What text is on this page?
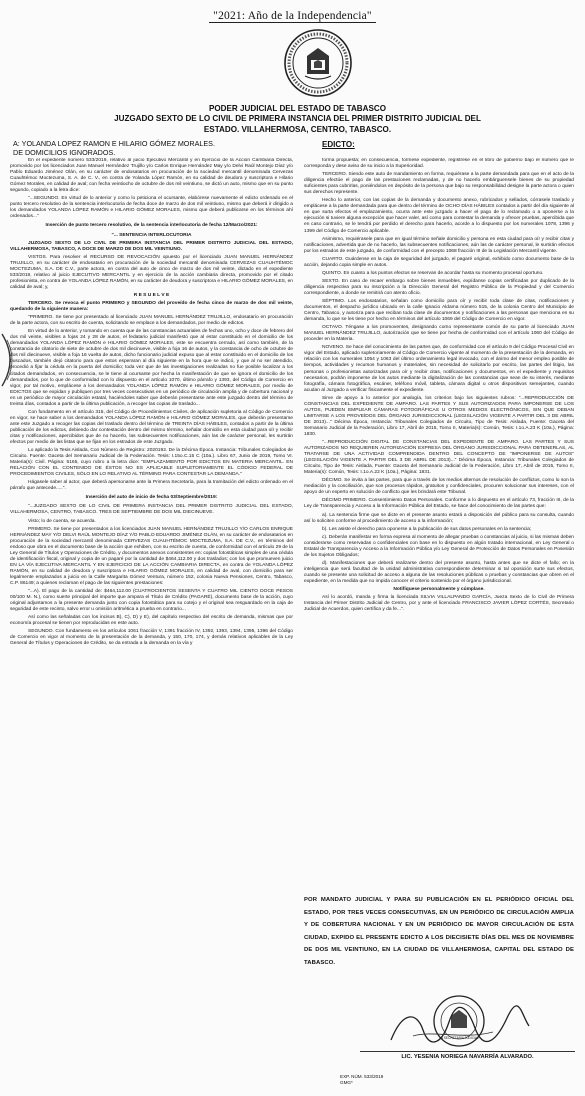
"2021: Año de la Independencia"
PODER JUDICIAL DEL ESTADO DE TABASCO
JUZGADO SEXTO DE LO CIVIL DE PRIMERA INSTANCIA DEL PRIMER DISTRITO JUDICIAL DEL ESTADO. VILLAHERMOSA, CENTRO, TABASCO.
A: YOLANDA LOPEZ RAMON E HILARIO GÓMEZ MORALES.
DE DOMICILIOS IGNORADOS.
EDICTO:

En el expediente número 533/2019, relativo al juicio Ejecutivo Mercantil y en Ejercicio de la Acción Cambiaria Directa, promovido por los licenciados Juan Manuel Hernández Trujillo y/o Carlos Enrique Hernández May y/o Delvi Raúl Montejo Díaz y/o Pablo Eduardo Jiménez Olán, en su carácter de endosatarios en procuración de la sociedad mercantil denominada Cervezas Cuauhtémoc Moctezuma, S. A. de C. V., en contra de Yolanda López Ramón, en su calidad de deudora y suscriptora e Hilario Gómez Morales, en calidad de aval; con fecha veintiocho de octubre de dos mil veintiuno, se dictó un auto, mismo que en su punto segundo, copiado a la letra dice:

"...SEGUNDO. En virtud de lo anterior y como lo peticiona el ocursante, elabórese nuevamente el edicto ordenado en el punto tercero resolutivo de la sentencia interlocutoria de fecha doce de marzo de dos mil veintiuno, mismo que deberá ir dirigido a los demandados YOLANDA LÓPEZ RAMÓN e HILARIO GÓMEZ MORALES, mismo que deberá publicarse en los términos ahí ordenados..."

Inserción de punto tercero resolutivo, de la sentencia interlocutoria de fecha 12/Marzo/2021:

"... SENTENCIA INTERLOCUTORIA

JUZGADO SEXTO DE LO CIVIL DE PRIMERA INSTANCIA DEL PRIMER DISTRITO JUDICIAL DEL ESTADO, VILLAHERMOSA, TABASCO, A DOCE DE MARZO DE DOS MIL VEINTIUNO.

VISTOS. Para resolver el RECURSO DE REVOCACIÓN opuesto por el licenciado JUAN MANUEL HERNÁNDEZ TRUJILLO, en su carácter de endosatario en procuración de la sociedad mercantil denominada CERVEZAS CUAUHTÉMOC MOCTEZUMA, S.A. DE C.V., parte actora, en contra del auto de cinco de marzo de dos mil veinte, dictado en el expediente 533/2019, relativo al juicio EJECUTIVO MERCANTIL y en ejercicio de la acción cambiaria directa, promovido por el citado profesionista, en contra de YOLANDA LÓPEZ RAMÓN, en su carácter de deudora y suscriptora e HILARIO GÓMEZ MORALES, en calidad de aval; y,

R E S U E L V E

TERCERO. Se revoca el punto PRIMERO y SEGUNDO del proveído de fecha cinco de marzo de dos mil veinte, quedando de la siguiente manera:

"PRIMERO. Se tiene por presentado al licenciado JUAN MANUEL HERNÁNDEZ TRUJILLO, endosatario en procuración de la parte actora, con su escrito de cuenta, solicitando se emplace a los demandados, por medio de edictos.

En virtud de lo anterior, y tomando en cuenta que de las constancias actuariales de fechas uno, ocho y doce de febrero del dos mil veinte, visibles a fojas 24 y 28 de autos, el fedatario judicial manifestó que al estar constituido en el domicilio de los demandados YOLANDA LÓPEZ RAMÓN e HILARIO GÓMEZ MORALES, este se encuentra cerrado, así como también, de la constancia de citatorio de siete de octubre de dos mil diecinueve, visible a foja 16 de autos, y la constancia de ocho de octubre de dos mil diecinueve, visible a foja 16 vuelta de autos, dicho funcionario judicial expuso que al estar constituido en el domicilio de los buscados, también dejó citatorio para que estos esperaran al día siguiente en la hora que se indicó, y que al no ser atendido, procedió a fijar la cédula en la puerta del domicilio; toda vez que de las investigaciones realizadas no fue posible localizar a los citados demandados, en consecuencia, se le tiene al ocursante por hecha la manifestación de que se ignora el domicilio de los demandados, por lo que de conformidad con lo dispuesto en el artículo 1070, último párrafo y 1393, del Código de Comercio en vigor, por tal motivo, emplácese a los demandados YOLANDA LÓPEZ RAMÓN e HILARIO GÓMEZ MORALES, por medio de EDICTOS que se expidan y publiquen por tres veces consecutivas en un periódico de circulación amplia y de cobertura nacional y en un periódico de mayor circulación estatal, haciéndoles saber que deberán presentarse ante este juzgado dentro del término de treinta días, contados a partir de la última publicación, a recoger las copias de traslado...

Con fundamento en el artículo 315, del Código de Procedimientos Civiles, de aplicación supletoria al Código de Comercio en vigor, se hace saber a los demandados YOLANDA LÓPEZ RAMÓN e HILARIO GÓMEZ MORALES, que deberán presentarse ante este Juzgado a recoger las copias del traslado dentro del término de TREINTA DÍAS HÁBILES, contados a partir de la última publicación de los edictos, debiendo dar contestación dentro del mismo término, señalar domicilio en esta ciudad para oír y recibir citas y notificaciones, apercibidos que de no hacerlo, las subsecuentes notificaciones, aún las de carácter personal, les surtirán efectos por medio de las listas que se fijan en los estrados de este Juzgado.

Lo aplicado la Tesis Aislada, Con Número de Registro: 2020192. De la Décima Época. Instancia: Tribunales Colegiados de Circuito. Fuente: Gaceta del Semanario Judicial de la Federación. Tesis: I.15o.C.15 C (10a.). Libro 67, Junio de 2019, Tomo VI. Materia(s): Civil. Página: 5165, cuyo rubro a la letra dice: "EMPLAZAMIENTO POR EDICTOS EN MATERIA MERCANTIL. EN RELACIÓN CON EL CONTENIDO DE ÉSTOS NO ES APLICABLE SUPLETORIAMENTE EL CÓDIGO FEDERAL DE PROCEDIMIENTOS CIVILES, SÓLO EN LO RELATIVO AL TÉRMINO PARA CONTESTAR LA DEMANDA."

Hágasele saber al actor, que deberá apersonarse ante la Primera Secretaría, para la tramitación del edicto ordenado en el párrafo que antecede.....".

Inserción del auto de inicio de fecha 03/Septiembre/2019:

"...JUZGADO SEXTO DE LO CIVIL DE PRIMERA INSTANCIA DEL PRIMER DISTRITO JUDICIAL DEL ESTADO, VILLAHERMOSA, CENTRO, TABASCO. TRES DE SEPTIEMBRE DE DOS MIL DIECINUEVE.

Visto; lo de cuenta, se acuerda.

PRIMERO. Se tiene por presentados a los licenciados JUAN MANUEL HERNÁNDEZ TRUJILLO Y/O CARLOS ENRIQUE HERNÁNDEZ MAY Y/O DELVI RAÚL MONTEJO DÍAZ Y/O PABLO EDUARDO JIMÉNEZ OLÁN, en su carácter de endosatarios en procuración de la sociedad mercantil denominada CERVEZAS CUAUHTÉMOC MOCTEZUMA, S.A. DE C.V., en términos del endoso que obra en el documento base de la acción que exhiben, con su escrito de cuenta, de conformidad con el artículo 29 de la Ley General de Títulos y Operaciones de Crédito, y documentos anexos consistentes en: copias fotostáticas simples de una cédula de identificación fiscal, original y copia de un pagaré por la cantidad de $464,112.00 y dos traslados; con los que promueven juicio EN LA VÍA EJECUTIVA MERCANTIL Y EN EJERCICIO DE LA ACCIÓN CAMBIARIA DIRECTA, en contra de YOLANDA LÓPEZ RAMÓN, en su calidad de deudora y suscriptora e HILARIO GÓMEZ MORALES, en calidad de aval, con domicilio para ser legalmente emplazados a juicio en la Calle Margarita Gómez Ventura, número 152, colonia Nueva Pensiones, Centro, Tabasco, C.P. 86149; a quienes reclaman el pago de las siguientes prestaciones:

"...A). El pago de la cantidad de: $464,112.00 (CUATROCIENTOS SESENTA Y CUATRO MIL CIENTO DOCE PESOS 00/100 M. N.), como suerte principal del importe que ampara el Título de Crédito (PAGARÉ), documento base de la acción, cuyo original adjuntamos a la presente demanda junto con copia fotostática para su cotejo y el original sea resguardado en la caja de seguridad de este recinto, salvo error u omisión aritmética a prueba en contrario...

Así como las señaladas con los incisos B), C), D) y E), del capítulo respectivo del escrito de demanda, mismas que por economía procesal se tienen por reproducidas en este auto.

SEGUNDO. Con fundamento en los artículos 1061 fracción V, 1391 fracción IV, 1392, 1393, 1394, 1395, 1396 del Código de Comercio en vigor al momento de la presentación de la demanda, y 150, 170, 174, y demás relativos aplicables de la Ley General de Títulos y Operaciones de Crédito, se da entrada a la demanda en la vía y

forma propuesta; en consecuencia, fórmese expediente, regístrese en el libro de gobierno bajo el número que le corresponda y dese aviso de su inicio a la Superioridad.

TERCERO. Siendo este auto de mandamiento en forma, requiérase a la parte demandada para que en el acto de la diligencia efectúe el pago de las prestaciones reclamadas, y de no hacerlo embárguensele bienes de su propiedad suficientes para cubrirlas, poniéndolos en depósito de la persona que bajo su responsabilidad designe la parte actora o quien sus derechos represente.

Hecho lo anterior, con las copias de la demanda y documento anexo, rubricados y sellados, córrasele traslado y emplácese a la parte demandada para que dentro del término de OCHO DÍAS HÁBILES contados a partir del día siguiente al en que surta efectos el emplazamiento, ocurra ante este juzgado a hacer el pago de lo reclamado o a oponerse a la ejecución si tuviere alguna excepción que hacer valer, así como para contestar la demanda y ofrecer pruebas, apercibida que en caso contrario, se le tendrá por perdido el derecho para hacerlo, acorde a lo dispuesto por los numerales 1078, 1396 y 1399 del Código de Comercio aplicable.

Asimismo, requiérasele para que en igual término señale domicilio y persona en esta ciudad para oír y recibir citas y notificaciones, advertida que de no hacerlo, las subsecuentes notificaciones, aún las de carácter personal, le surtirán efectos por los estrados de este juzgado, de conformidad con el precepto 1068 fracción III de la Legislación Mercantil vigente.

CUARTO. Guárdense en la caja de seguridad del juzgado, el pagaré original, exhibido como documento base de la acción, dejando copia simple en autos.

QUINTO. En cuanto a los puntos efectos se reservan de acordar hasta su momento procesal oportuno.

SEXTO. En caso de recaer embargo sobre bienes inmuebles, expídanse copias certificadas por duplicado de la diligencia respectiva para su inscripción a la Dirección General del Registro Público de la Propiedad y del Comercio correspondiente, a donde se remitirá con atento oficio.

SÉPTIMO. Los endosatarios, señalan como domicilio para oír y recibir toda clase de citas, notificaciones y documentos, el despacho jurídico ubicado en la calle Ignacio Aldama número 515, de la colonia Centro del Municipio de Centro, Tabasco, y autoriza para que reciban toda clase de documentos y notificaciones a las personas que menciona en su demanda, lo que se les tiene por hecho en términos del artículo 1069 del Código de Comercio en vigor.

OCTAVO. Téngase a los promoventes, designando como representante común de su parte al licenciado JUAN MANUEL HERNÁNDEZ TRUJILLO, autorización que se tiene por hecha de conformidad con el artículo 1060 del Código de proceder en la Materia.

NOVENO. Se hace del conocimiento de las partes que, de conformidad con el artículo 9 del Código Procesal Civil en vigor del Estado, aplicado supletoriamente al Código de Comercio vigente al momento de la presentación de la demanda, en relación con los numerales 1054 y 1063 del último ordenamiento legal invocado, con el ánimo del menor empleo posible de tiempos, actividades y recursos humanos y materiales, sin necesidad de solicitarlo por escrito, las partes del litigio, las personas o profesionistas autorizadas para oír y recibir citas, notificaciones y documentos, en el expediente y requisitos necesarios, podrán imponerse de los autos mediante la digitalización de las constancias que sean de su interés, mediante fotografía, cámara fotográfica, escáner, teléfono móvil, tableta, cámara digital u otros dispositivos semejantes, cuando acudan al Juzgado a verificar físicamente el expediente.

Sirve de apoyo a lo anterior por analogía, los criterios bajo los siguientes rubros: "...REPRODUCCIÓN DE CONSTANCIAS DEL EXPEDIENTE DE AMPARO. LAS PARTES Y SUS AUTORIZADOS PARA IMPONERSE DE LOS AUTOS, PUEDEN EMPLEAR CÁMARAS FOTOGRÁFICAS U OTROS MEDIOS ELECTRÓNICOS, SIN QUE DEBAN LIMITARSE A LOS PROVEÍDOS DEL ÓRGANO JURISDICCIONAL (LEGISLACIÓN VIGENTE A PARTIR DEL 3 DE ABRIL DE 2013)..." Décima Época, Instancia: Tribunales Colegiados de Circuito, Tipo de Tesis: Aislada, Fuente: Gaceta del Semanario Judicial de la Federación, Libro 17, Abril de 2015, Tomo II, Materia(s): Común, Tesis: I.1o.A.23 K (10a.), Página: 1830.

"...REPRODUCCIÓN DIGITAL DE CONSTANCIAS DEL EXPEDIENTE DE AMPARO. LAS PARTES Y SUS AUTORIZADOS NO REQUIEREN AUTORIZACIÓN EXPRESA DEL ÓRGANO JURISDICCIONAL PARA OBTENERLAS, AL TRATARSE DE UNA ACTIVIDAD COMPRENDIDA DENTRO DEL CONCEPTO DE "IMPONERSE DE AUTOS" (LEGISLACIÓN VIGENTE A PARTIR DEL 3 DE ABRIL DE 2013)..." Décima Época, Instancia: Tribunales Colegiados de Circuito, Tipo de Tesis: Aislada, Fuente: Gaceta del Semanario Judicial de la Federación, Libro 17, Abril de 2015, Tomo II, Materia(s): Común, Tesis: I.1o.A.22 K (10a.), Página: 1831.

DÉCIMO. Se invita a las partes, para que a través de los medios alternos de resolución de conflictos, como lo son la mediación y la conciliación, que son procesos rápidos, gratuitos y confidenciales, procuren solucionar sus intereses, con el apoyo de un experto en solución de conflicto que les brindará este Tribunal.

DÉCIMO PRIMERO. Consentimiento Datos Personales. Conforme a lo dispuesto en el artículo 73, fracción III, de la Ley de Transparencia y Acceso a la Información Pública del Estado, se hace del conocimiento de las partes que:

a). La sentencia firme que se dicte en el presente asunto estará a disposición del público para su consulta, cuando así lo soliciten conforme al procedimiento de acceso a la información;

b). Les asiste el derecho para oponerse a la publicación de sus datos personales en la sentencia;

c). Deberán manifestar en forma expresa al momento de allegar pruebas o constancias al juicio, si las mismas deben considerarse como reservadas o confidenciales con base en lo dispuesto en algún tratado internacional, en Ley General o Estatal de Transparencia y Acceso a la Información Pública y/o Ley General de Protección de Datos Personales en Posesión de los Sujetos Obligados;

d). Manifestaciones que deberá realizarse dentro del presente asunto, hasta antes que se dicte el fallo; en la inteligencia que será facultad de la unidad administrativa correspondiente determinar si tal oposición surte sus efectos, cuando se presente una solicitud de acceso a alguna de las resoluciones públicas o pruebas y constancias que obren en el expediente, en la medida que no impida conocer el criterio sostenido por el órgano jurisdiccional.

Notifíquese personalmente y cúmplase.

Así lo acordó, manda y firma la licenciada SILVIA VILLALPANDO GARCÍA, Jueza Sexto de lo Civil de Primera Instancia del Primer Distrito Judicial de Centro, por y ante el licenciado FRANCISCO JAVIER LÓPEZ CORTÉS, Secretario Judicial de Acuerdos, quien certifica y da fe...".

POR MANDATO JUDICIAL Y PARA SU PUBLICACIÓN EN EL PERIÓDICO OFICIAL DEL ESTADO, POR TRES VECES CONSECUTIVAS, EN UN PERIÓDICO DE CIRCULACIÓN AMPLIA Y DE COBERTURA NACIONAL Y EN UN PERIÓDICO DE MAYOR CIRCULACIÓN DE ESTA CIUDAD, EXPIDO EL PRESENTE EDICTO A LOS DIECISIETE DÍAS DEL MES DE NOVIEMBRE DE DOS MIL VEINTIUNO, EN LA CIUDAD DE VILLAHERMOSA, CAPITAL DEL ESTADO DE TABASCO.
LA SECRETARIA JUDICIAL
LIC. YESENIA NORIEGA NAVARRÍA ALVARADO.
EXP. NÚM. 533/2019
GMG*
